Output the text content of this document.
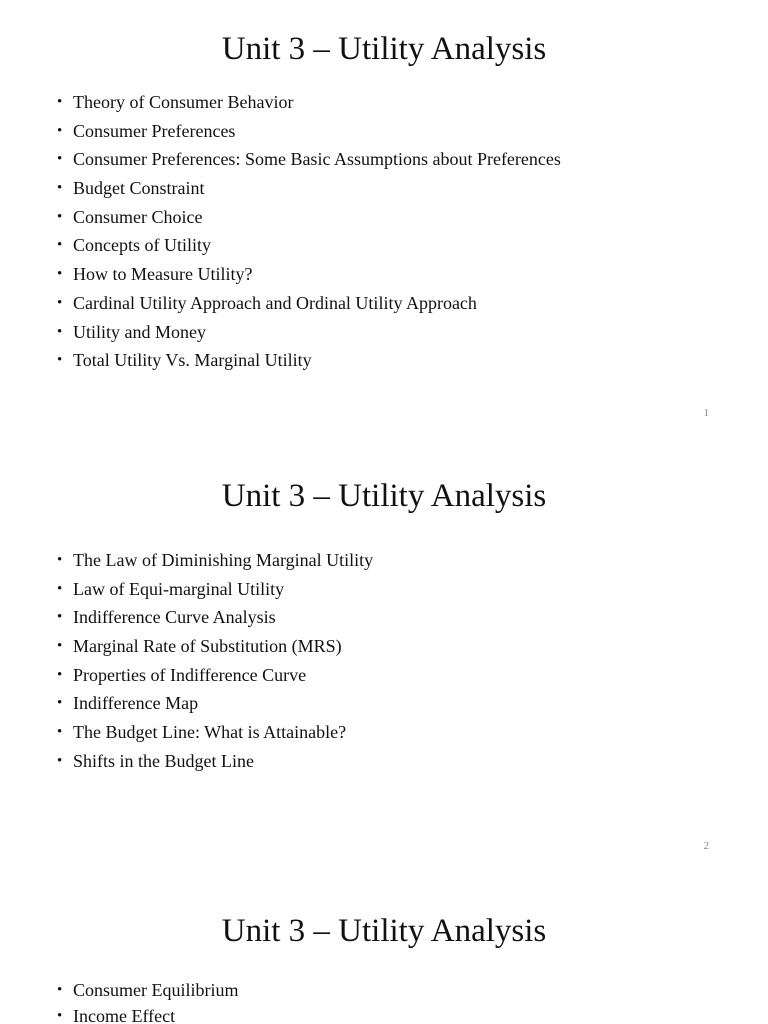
Unit 3 – Utility Analysis
• Theory of Consumer Behavior
• Consumer Preferences
• Consumer Preferences: Some Basic Assumptions about Preferences
• Budget Constraint
• Consumer Choice
• Concepts of Utility
• How to Measure Utility?
• Cardinal Utility Approach and Ordinal Utility Approach
• Utility and Money
• Total Utility Vs. Marginal Utility
1
Unit 3 – Utility Analysis
• The Law of Diminishing Marginal Utility
• Law of Equi-marginal Utility
• Indifference Curve Analysis
• Marginal Rate of Substitution (MRS)
• Properties of Indifference Curve
• Indifference Map
• The Budget Line: What is Attainable?
• Shifts in the Budget Line
2
Unit 3 – Utility Analysis
• Consumer Equilibrium
• Income Effect
